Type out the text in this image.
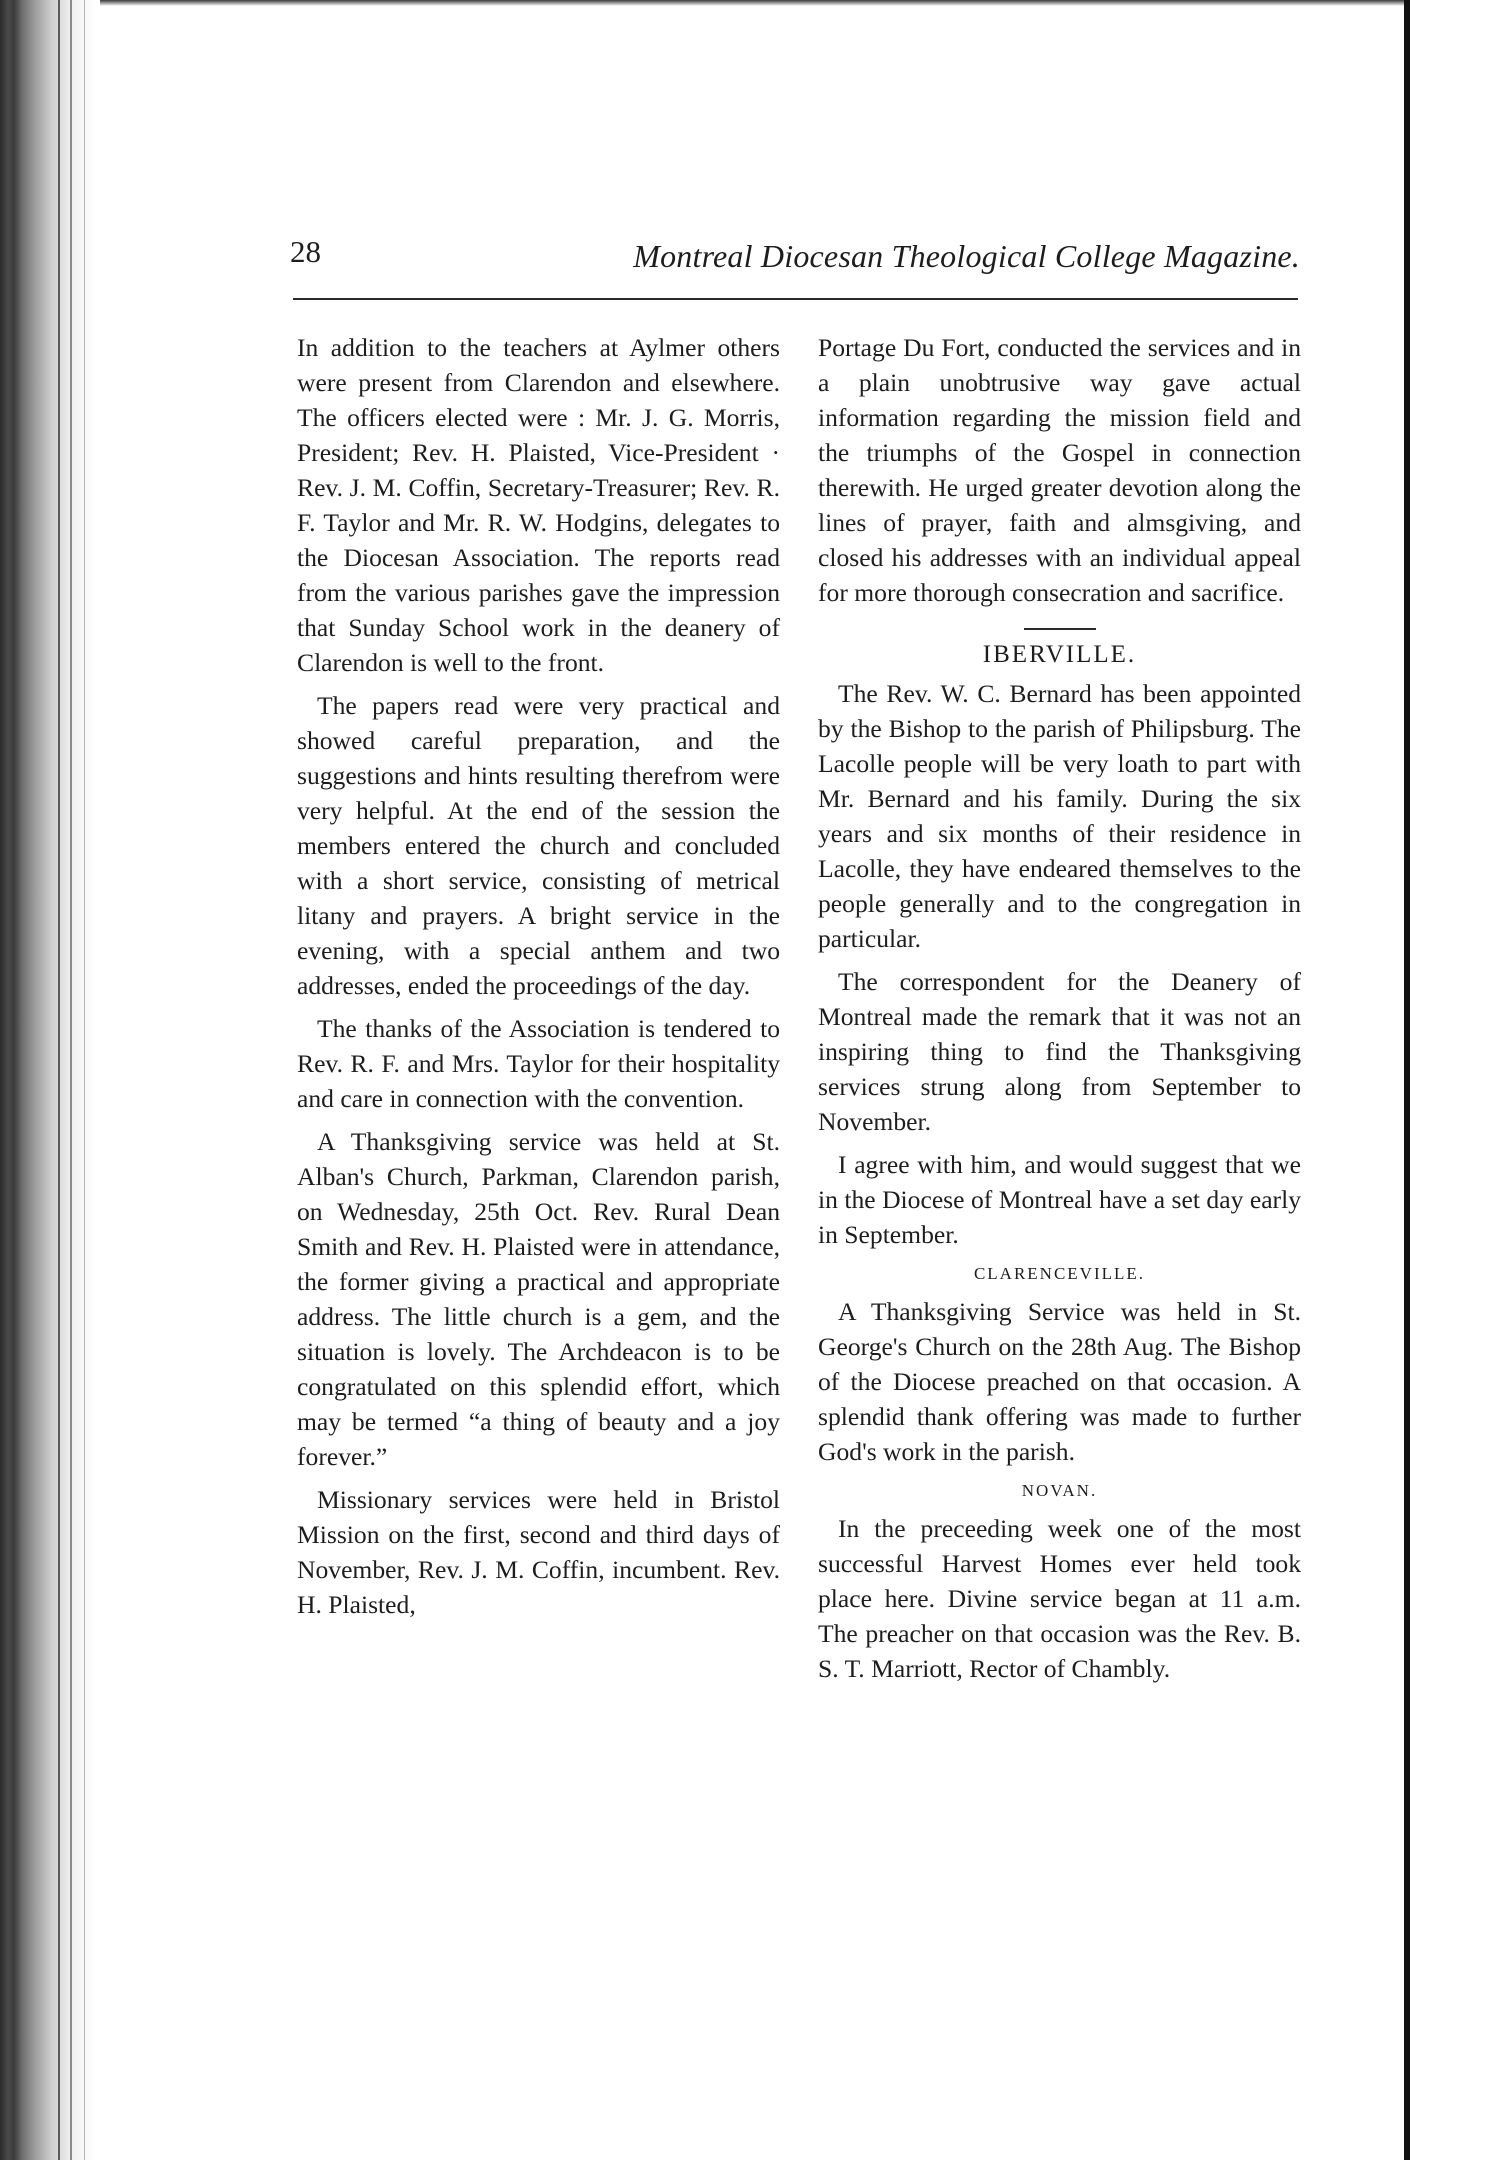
28	Montreal Diocesan Theological College Magazine.

In addition to the teachers at Aylmer others were present from Clarendon and elsewhere. The officers elected were : Mr. J. G. Morris, President; Rev. H. Plaisted, Vice-President · Rev. J. M. Coffin, Secretary-Treasurer; Rev. R. F. Taylor and Mr. R. W. Hodgins, delegates to the Diocesan Association. The reports read from the various parishes gave the impression that Sunday School work in the deanery of Clarendon is well to the front.

The papers read were very practical and showed careful preparation, and the suggestions and hints resulting therefrom were very helpful. At the end of the session the members entered the church and concluded with a short service, consisting of metrical litany and prayers. A bright service in the evening, with a special anthem and two addresses, ended the proceedings of the day.

The thanks of the Association is tendered to Rev. R. F. and Mrs. Taylor for their hospitality and care in connection with the convention.

A Thanksgiving service was held at St. Alban's Church, Parkman, Clarendon parish, on Wednesday, 25th Oct. Rev. Rural Dean Smith and Rev. H. Plaisted were in attendance, the former giving a practical and appropriate address. The little church is a gem, and the situation is lovely. The Archdeacon is to be congratulated on this splendid effort, which may be termed “a thing of beauty and a joy forever.”

Missionary services were held in Bristol Mission on the first, second and third days of November, Rev. J. M. Coffin, incumbent. Rev. H. Plaisted,

Portage Du Fort, conducted the services and in a plain unobtrusive way gave actual information regarding the mission field and the triumphs of the Gospel in connection therewith. He urged greater devotion along the lines of prayer, faith and almsgiving, and closed his addresses with an individual appeal for more thorough consecration and sacrifice.

IBERVILLE.

The Rev. W. C. Bernard has been appointed by the Bishop to the parish of Philipsburg. The Lacolle people will be very loath to part with Mr. Bernard and his family. During the six years and six months of their residence in Lacolle, they have endeared themselves to the people generally and to the congregation in particular.

The correspondent for the Deanery of Montreal made the remark that it was not an inspiring thing to find the Thanksgiving services strung along from September to November.

I agree with him, and would suggest that we in the Diocese of Montreal have a set day early in September.

CLARENCEVILLE.

A Thanksgiving Service was held in St. George's Church on the 28th Aug. The Bishop of the Diocese preached on that occasion. A splendid thank offering was made to further God's work in the parish.

NOVAN.

In the preceeding week one of the most successful Harvest Homes ever held took place here. Divine service began at 11 a.m. The preacher on that occasion was the Rev. B. S. T. Marriott, Rector of Chambly.
